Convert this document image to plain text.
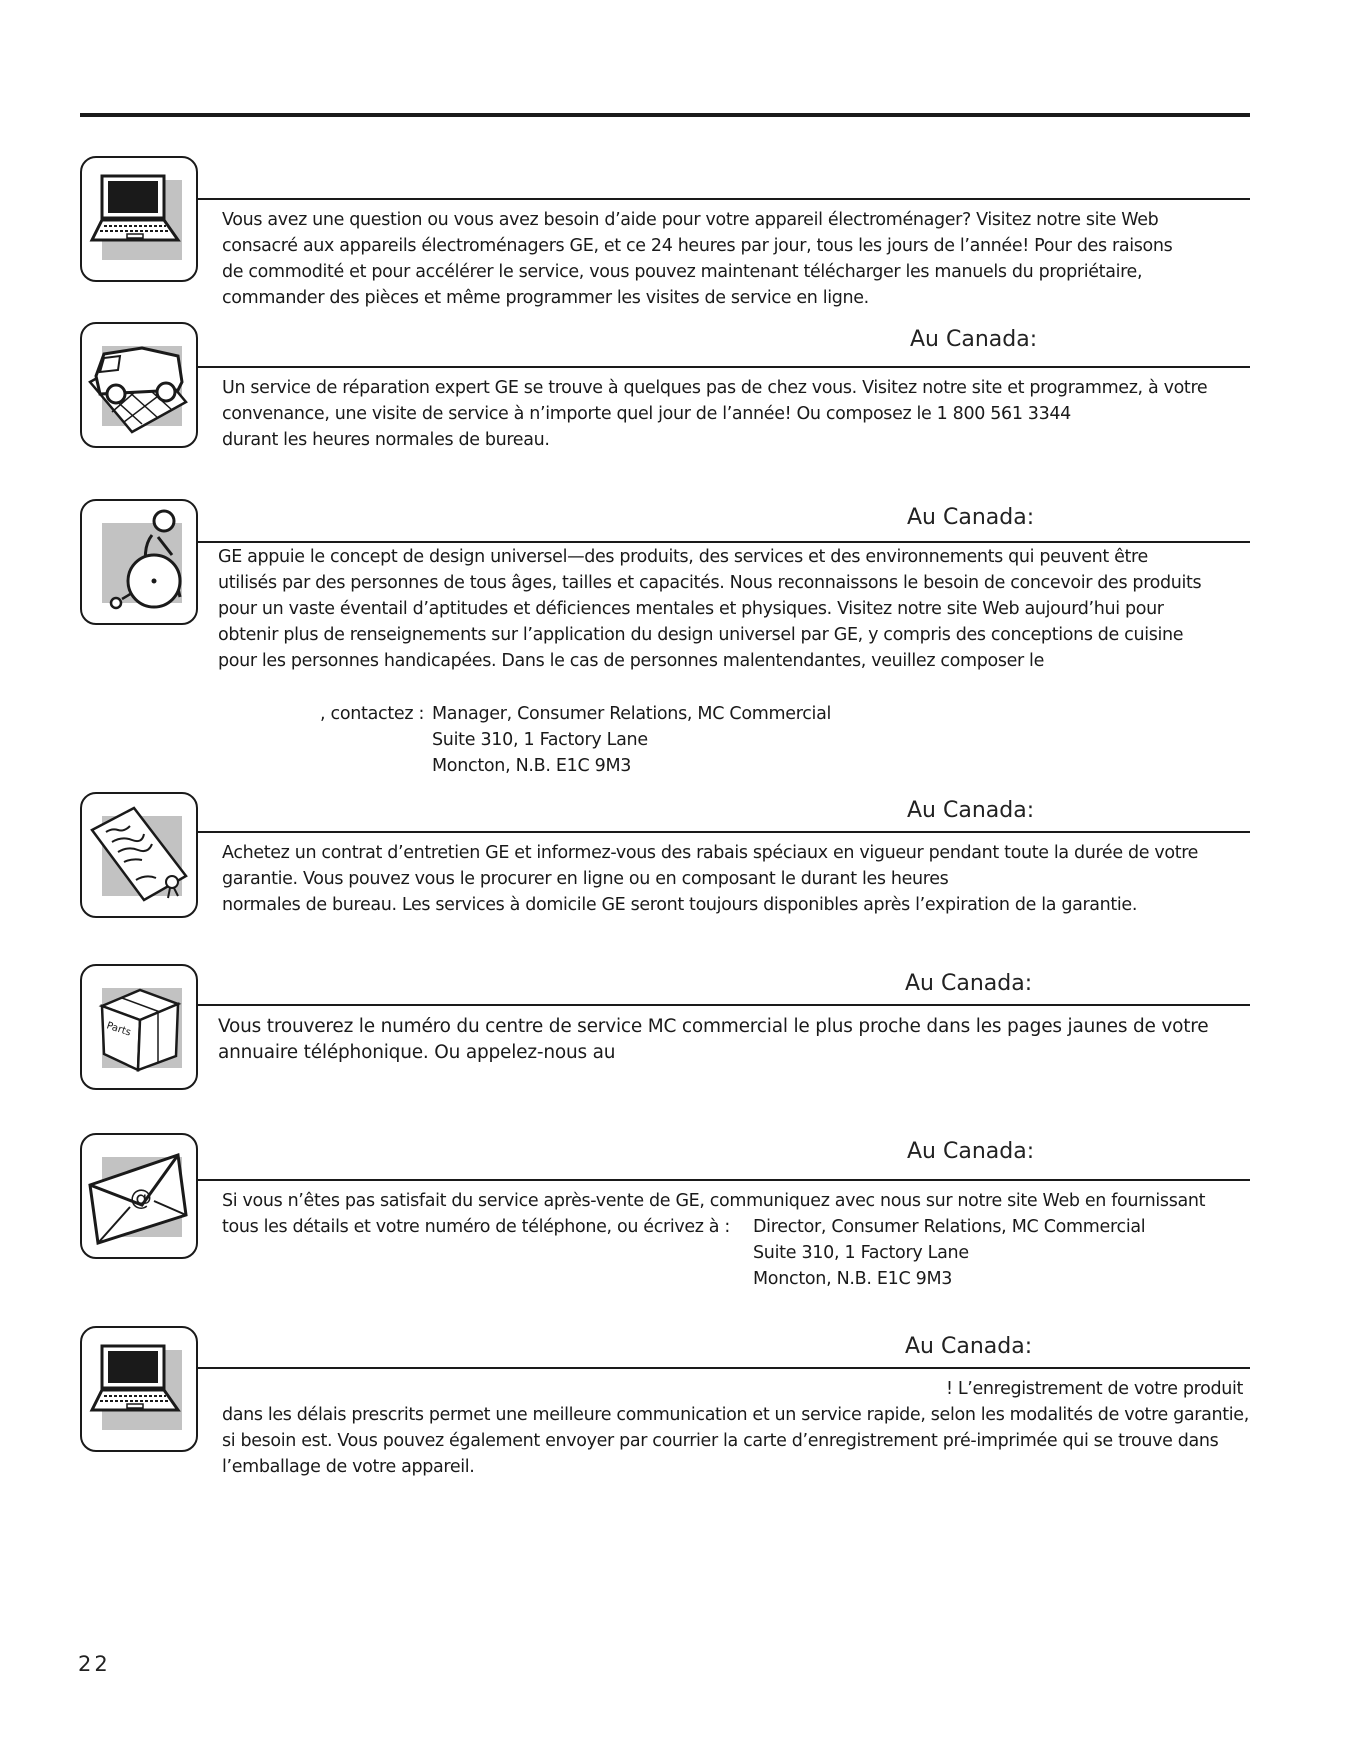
Vous avez une question ou vous avez besoin d’aide pour votre appareil électroménager? Visitez notre site Web
consacré aux appareils électroménagers GE, et ce 24 heures par jour, tous les jours de l’année! Pour des raisons
de commodité et pour accélérer le service, vous pouvez maintenant télécharger les manuels du propriétaire,
commander des pièces et même programmer les visites de service en ligne.
Au Canada:
Un service de réparation expert GE se trouve à quelques pas de chez vous. Visitez notre site et programmez, à votre
convenance, une visite de service à n’importe quel jour de l’année! Ou composez le 1 800 561 3344
durant les heures normales de bureau.
Au Canada:
GE appuie le concept de design universel—des produits, des services et des environnements qui peuvent être
utilisés par des personnes de tous âges, tailles et capacités. Nous reconnaissons le besoin de concevoir des produits
pour un vaste éventail d’aptitudes et déficiences mentales et physiques. Visitez notre site Web aujourd’hui pour
obtenir plus de renseignements sur l’application du design universel par GE, y compris des conceptions de cuisine
pour les personnes handicapées. Dans le cas de personnes malentendantes, veuillez composer le
, contactez : Manager, Consumer Relations, MC Commercial
Suite 310, 1 Factory Lane
Moncton, N.B. E1C 9M3
Au Canada:
Achetez un contrat d’entretien GE et informez-vous des rabais spéciaux en vigueur pendant toute la durée de votre
garantie. Vous pouvez vous le procurer en ligne ou en composant le durant les heures
normales de bureau. Les services à domicile GE seront toujours disponibles après l’expiration de la garantie.
Parts
Au Canada:
Vous trouverez le numéro du centre de service MC commercial le plus proche dans les pages jaunes de votre
annuaire téléphonique. Ou appelez-nous au
@
Au Canada:
Si vous n’êtes pas satisfait du service après-vente de GE, communiquez avec nous sur notre site Web en fournissant
tous les détails et votre numéro de téléphone, ou écrivez à :	Director, Consumer Relations, MC Commercial
Suite 310, 1 Factory Lane
Moncton, N.B. E1C 9M3
Au Canada:
! L’enregistrement de votre produit
dans les délais prescrits permet une meilleure communication et un service rapide, selon les modalités de votre garantie,
si besoin est. Vous pouvez également envoyer par courrier la carte d’enregistrement pré-imprimée qui se trouve dans
l’emballage de votre appareil.
22
